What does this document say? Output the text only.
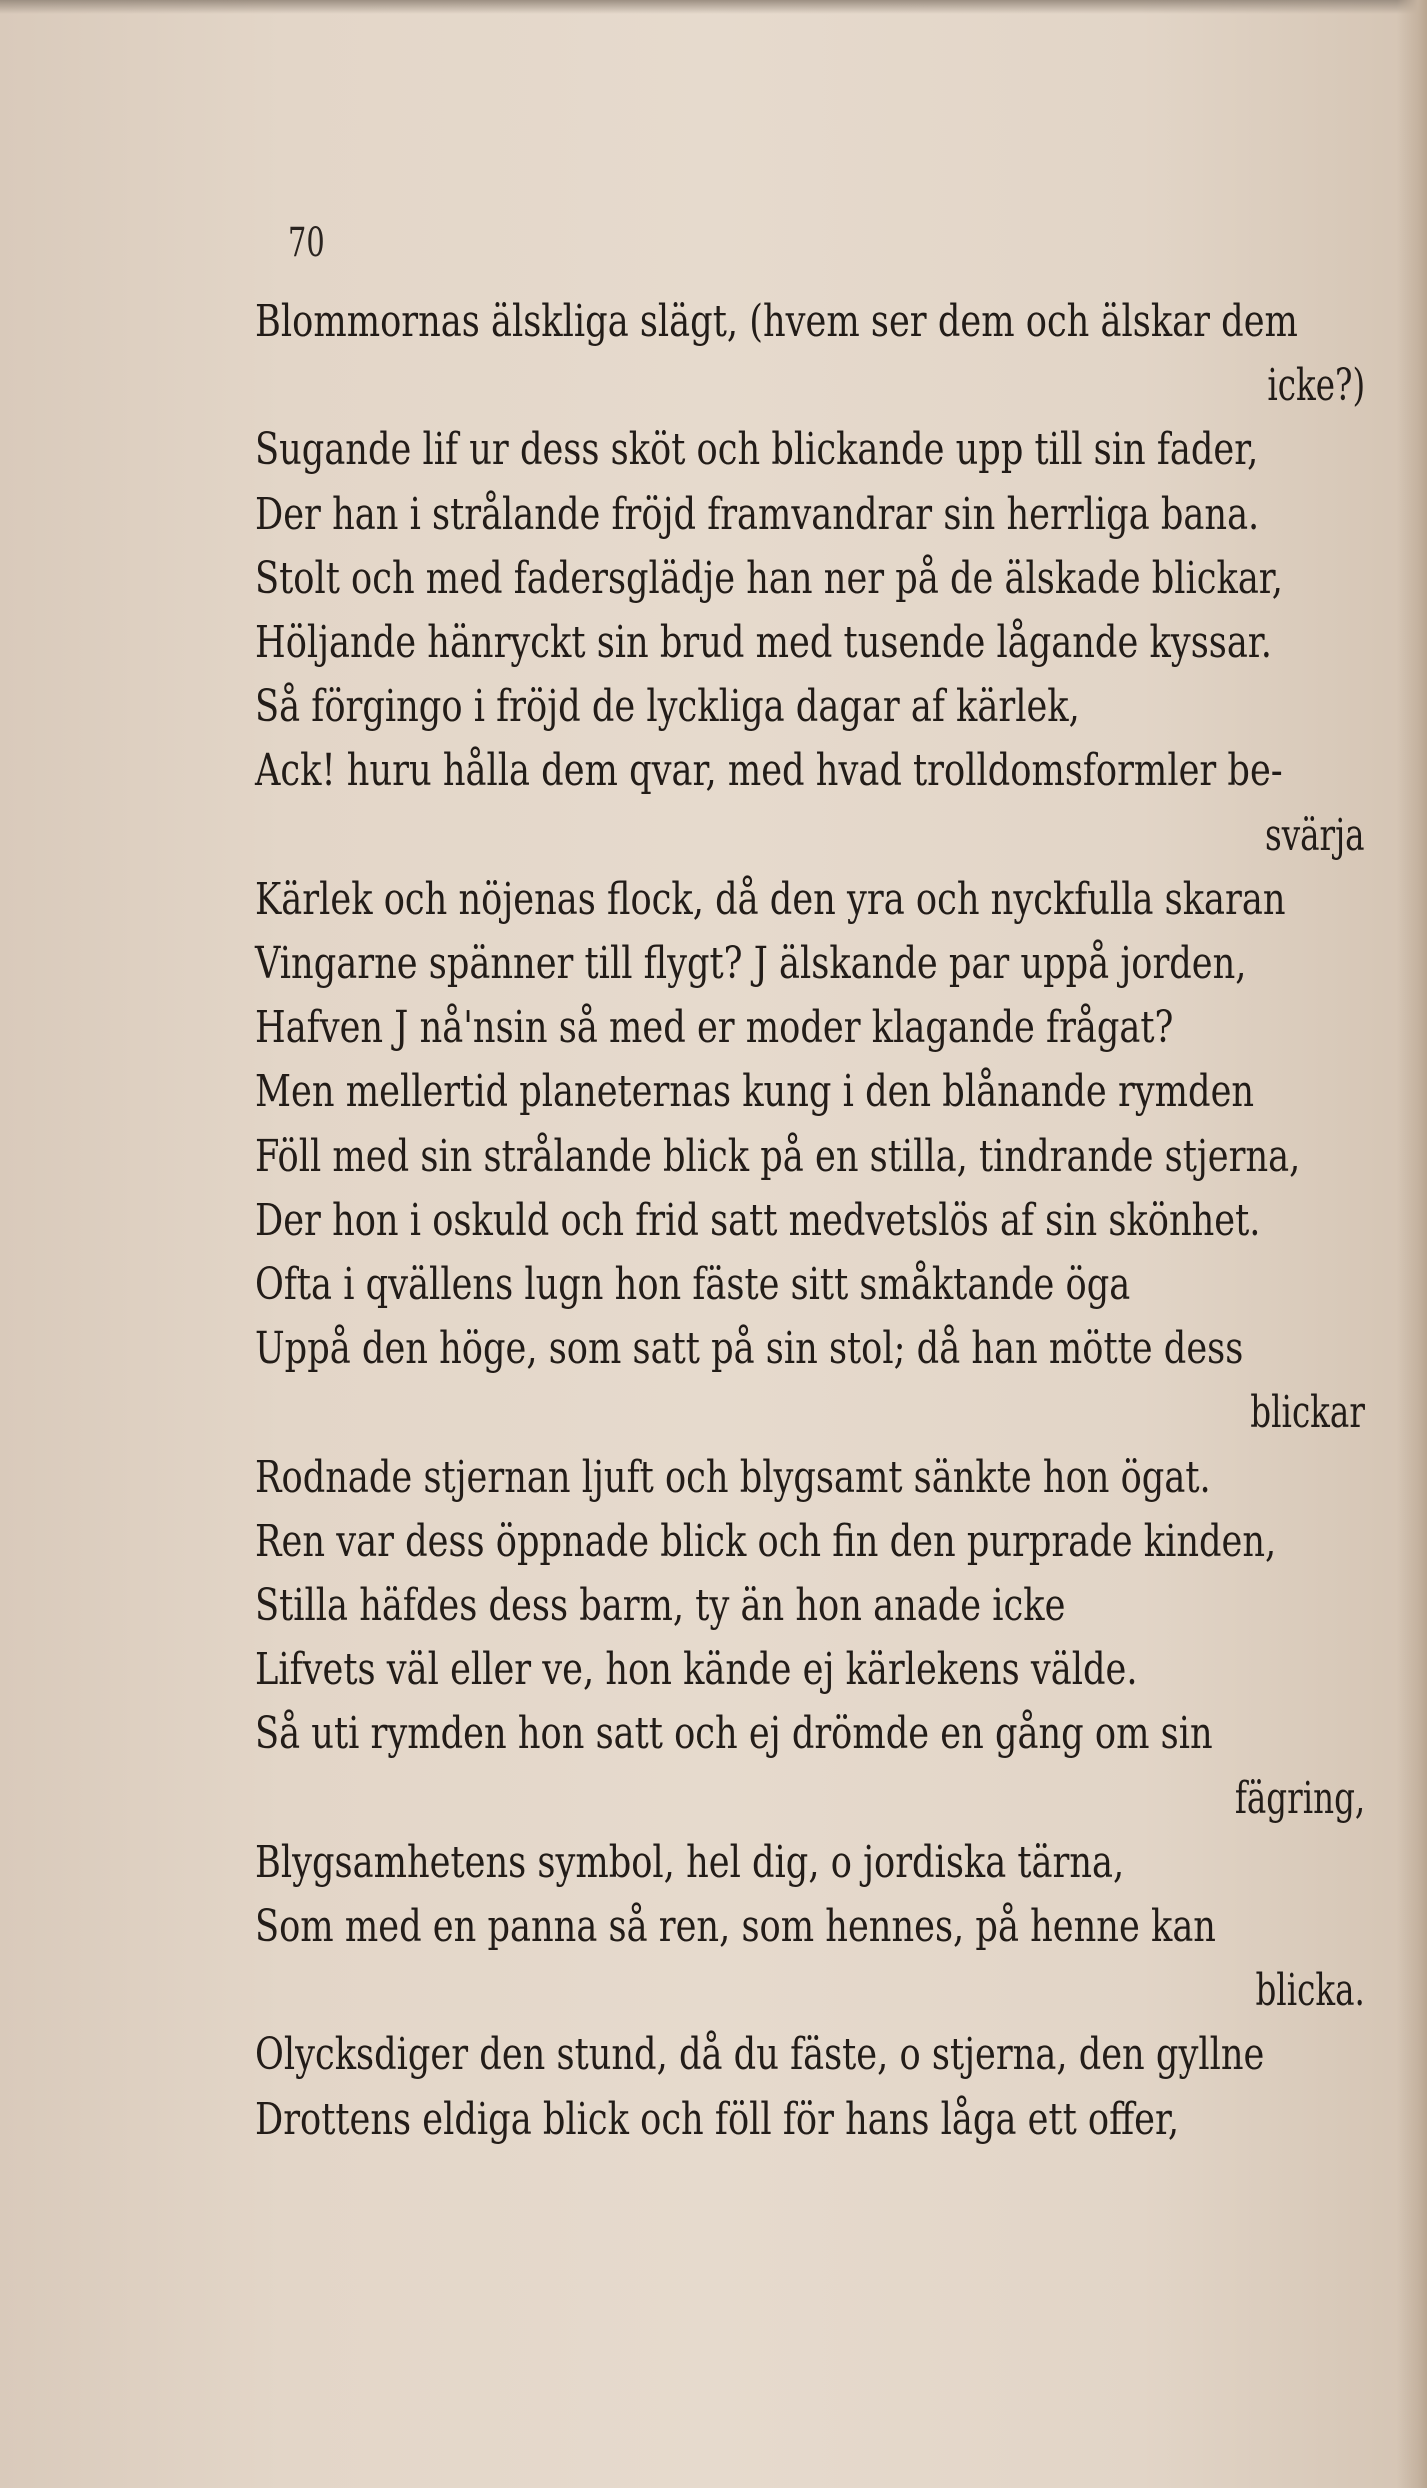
70
Blommornas älskliga slägt, (hvem ser dem och älskar dem
icke?)
Sugande lif ur dess sköt och blickande upp till sin fader,
Der han i strålande fröjd framvandrar sin herrliga bana.
Stolt och med fadersglädje han ner på de älskade blickar,
Höljande hänryckt sin brud med tusende lågande kyssar.
Så förgingo i fröjd de lyckliga dagar af kärlek,
Ack! huru hålla dem qvar, med hvad trolldomsformler be-
svärja
Kärlek och nöjenas flock, då den yra och nyckfulla skaran
Vingarne spänner till flygt? J älskande par uppå jorden,
Hafven J nå'nsin så med er moder klagande frågat?
Men mellertid planeternas kung i den blånande rymden
Föll med sin strålande blick på en stilla, tindrande stjerna,
Der hon i oskuld och frid satt medvetslös af sin skönhet.
Ofta i qvällens lugn hon fäste sitt småktande öga
Uppå den höge, som satt på sin stol; då han mötte dess
blickar
Rodnade stjernan ljuft och blygsamt sänkte hon ögat.
Ren var dess öppnade blick och fin den purprade kinden,
Stilla häfdes dess barm, ty än hon anade icke
Lifvets väl eller ve, hon kände ej kärlekens välde.
Så uti rymden hon satt och ej drömde en gång om sin
fägring,
Blygsamhetens symbol, hel dig, o jordiska tärna,
Som med en panna så ren, som hennes, på henne kan
blicka.
Olycksdiger den stund, då du fäste, o stjerna, den gyllne
Drottens eldiga blick och föll för hans låga ett offer,
